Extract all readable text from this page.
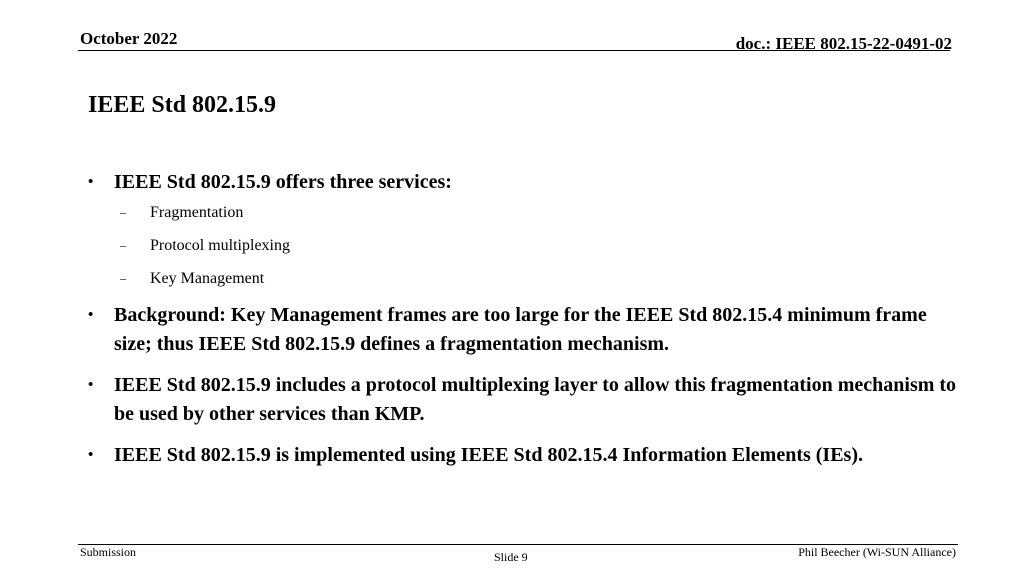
October 2022	doc.: IEEE 802.15-22-0491-02
IEEE Std 802.15.9
• IEEE Std 802.15.9 offers three services:
– Fragmentation
– Protocol multiplexing
– Key Management
• Background: Key Management frames are too large for the IEEE Std 802.15.4 minimum frame size; thus IEEE Std 802.15.9 defines a fragmentation mechanism.
• IEEE Std 802.15.9 includes a protocol multiplexing layer to allow this fragmentation mechanism to be used by other services than KMP.
• IEEE Std 802.15.9 is implemented using IEEE Std 802.15.4 Information Elements (IEs).
Submission	Slide 9	Phil Beecher (Wi-SUN Alliance)
